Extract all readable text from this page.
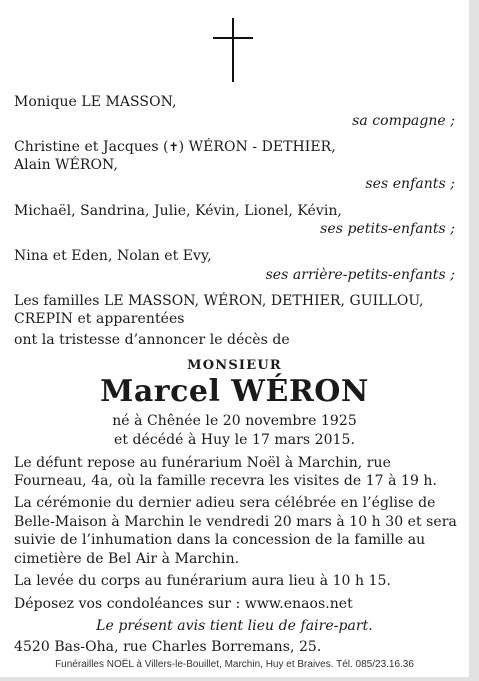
Monique LE MASSON,
sa compagne ;
Christine et Jacques (✝) WÉRON - DETHIER,
Alain WÉRON,
ses enfants ;
Michaël, Sandrina, Julie, Kévin, Lionel, Kévin,
ses petits-enfants ;
Nina et Eden, Nolan et Evy,
ses arrière-petits-enfants ;
Les familles LE MASSON, WÉRON, DETHIER, GUILLOU,
CREPIN et apparentées
ont la tristesse d’annoncer le décès de
MONSIEUR
Marcel WÉRON
né à Chênée le 20 novembre 1925
et décédé à Huy le 17 mars 2015.
Le défunt repose au funérarium Noël à Marchin, rue
Fourneau, 4a, où la famille recevra les visites de 17 à 19 h.
La cérémonie du dernier adieu sera célébrée en l’église de
Belle-Maison à Marchin le vendredi 20 mars à 10 h 30 et sera
suivie de l’inhumation dans la concession de la famille au
cimetière de Bel Air à Marchin.
La levée du corps au funérarium aura lieu à 10 h 15.
Déposez vos condoléances sur : www.enaos.net
Le présent avis tient lieu de faire-part.
4520 Bas-Oha, rue Charles Borremans, 25.
Funérailles NOËL à Villers-le-Bouillet, Marchin, Huy et Braives. Tél. 085/23.16.36
